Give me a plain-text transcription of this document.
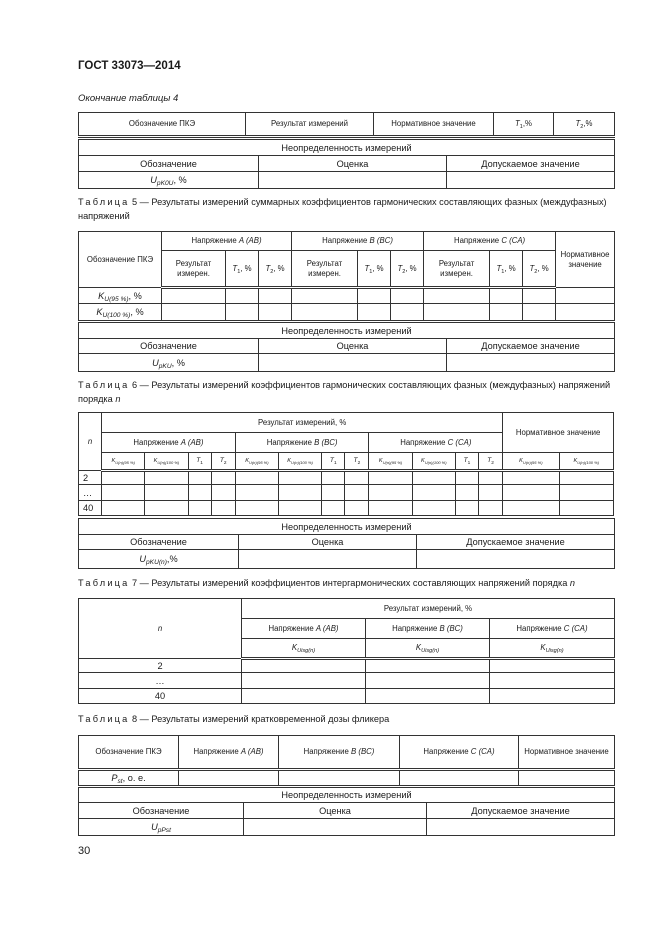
ГОСТ 33073—2014
Окончание таблицы 4
Обозначение ПКЭ	Результат измерений	Нормативное значение	$T_1,\%$	$T_2,\%$
Неопределенность измерений		
Обозначение	Оценка	Допускаемое значение
$U_{pK0U}$, %		
Таблица 5 — Результаты измерений суммарных коэффициентов гармонических составляющих фазных (междуфазных) напряжений
Обозначение ПКЭ	Напряжение A (AB)			Напряжение B (BC)			Напряжение C (CA)			Нормативное значение
	Результат измерен.	$T_1$, %	$T_2$, %	Результат измерен.	$T_1$, %	$T_2$, %	Результат измерен.	$T_1$, %	$T_2$, %	
$K_{U(95 \%)}$, %										
$K_{U(100 \%)}$, %										
Неопределенность измерений		
Обозначение	Оценка	Допускаемое значение
$U_{pKU}$, %		
Таблица 6 — Результаты измерений коэффициентов гармонических составляющих фазных (междуфазных) напряжений порядка n
n	Результат измерений, %												Нормативное значение	
	Напряжение A (AB)				Напряжение B (BC)				Напряжение C (CA)					
	$K_{U(n)(95 \%)}$	$K_{U(n)(100 \%)}$	$T_1$	$T_2$	$K_{U(n)(95 \%)}$	$K_{U(n)(100 \%)}$	$T_1$	$T_2$	$K_{U(n)(95 \%)}$	$K_{U(n)(100 \%)}$	$T_1$	$T_2$	$K_{U(n)(95 \%)}$	$K_{U(n)(100 \%)}$
2														
…														
40														
Неопределенность измерений		
Обозначение	Оценка	Допускаемое значение
$U_{pKU(n)},\%$		
Таблица 7 — Результаты измерений коэффициентов интергармонических составляющих напряжений порядка n
n	Результат измерений, %		
	Напряжение A (AB)	Напряжение B (BC)	Напряжение C (CA)
	$K_{Uisg(n)}$	$K_{Uisg(n)}$	$K_{Uisg(n)}$
2			
…			
40			
Таблица 8 — Результаты измерений кратковременной дозы фликера
Обозначение ПКЭ	Напряжение A (AB)	Напряжение B (BC)	Напряжение C (CA)	Нормативное значение
$P_{st}$, о. е.				
Неопределенность измерений		
Обозначение	Оценка	Допускаемое значение
$U_{pPst}$		
30
